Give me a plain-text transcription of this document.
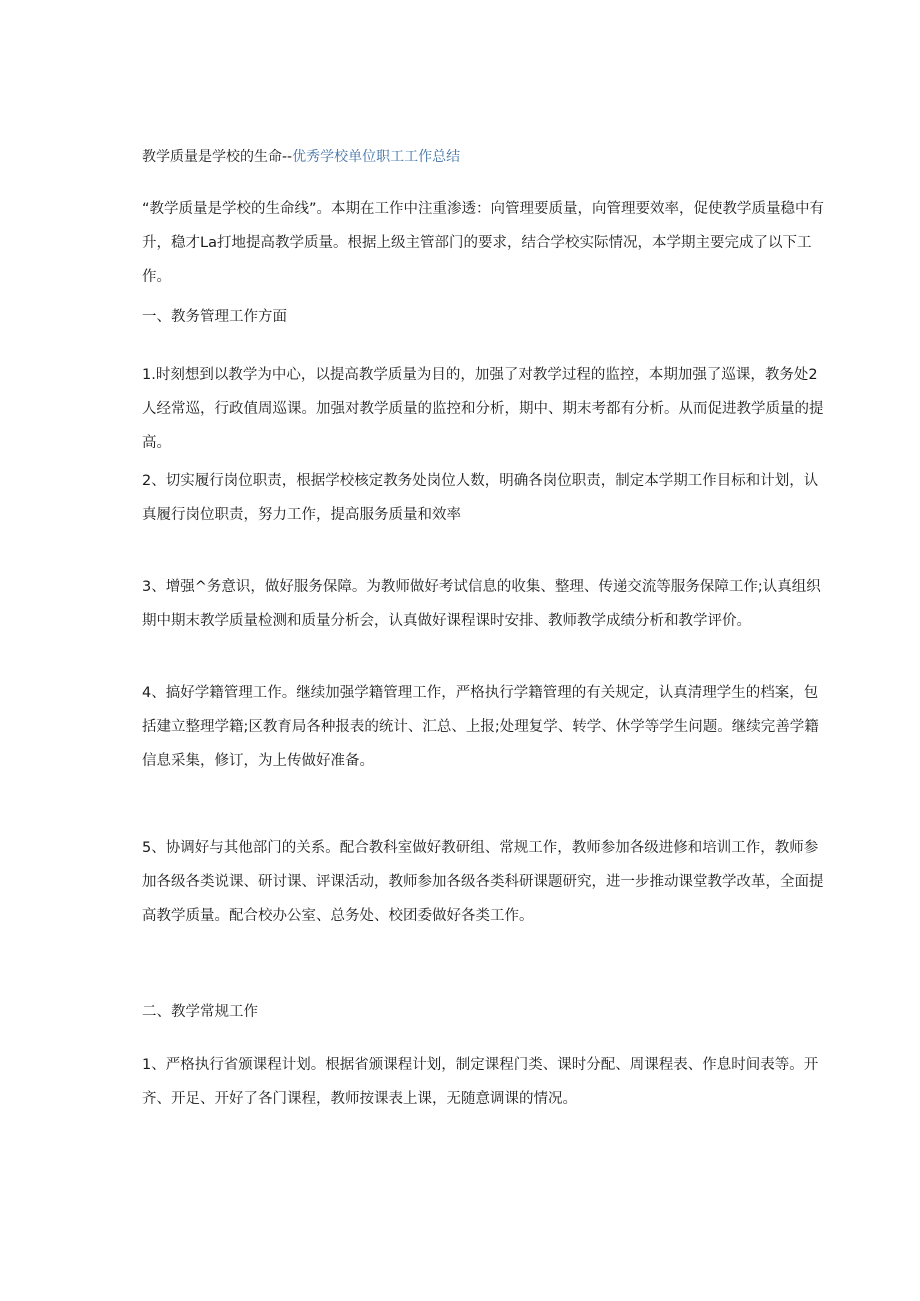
教学质量是学校的生命--优秀学校单位职工工作总结
“教学质量是学校的生命线”。本期在工作中注重渗透：向管理要质量，向管理要效率，促使教学质量稳中有升，稳才La打地提高教学质量。根据上级主管部门的要求，结合学校实际情况，本学期主要完成了以下工作。
一、教务管理工作方面
1.时刻想到以教学为中心，以提高教学质量为目的，加强了对教学过程的监控，本期加强了巡课，教务处2人经常巡，行政值周巡课。加强对教学质量的监控和分析，期中、期末考都有分析。从而促进教学质量的提高。
2、切实履行岗位职责，根据学校核定教务处岗位人数，明确各岗位职责，制定本学期工作目标和计划，认真履行岗位职责，努力工作，提高服务质量和效率
3、增强^务意识，做好服务保障。为教师做好考试信息的收集、整理、传递交流等服务保障工作;认真组织期中期末教学质量检测和质量分析会，认真做好课程课时安排、教师教学成绩分析和教学评价。
4、搞好学籍管理工作。继续加强学籍管理工作，严格执行学籍管理的有关规定，认真清理学生的档案，包括建立整理学籍;区教育局各种报表的统计、汇总、上报;处理复学、转学、休学等学生问题。继续完善学籍信息采集，修订，为上传做好准备。
5、协调好与其他部门的关系。配合教科室做好教研组、常规工作，教师参加各级进修和培训工作，教师参加各级各类说课、研讨课、评课活动，教师参加各级各类科研课题研究，进一步推动课堂教学改革，全面提高教学质量。配合校办公室、总务处、校团委做好各类工作。
二、教学常规工作
1、严格执行省颁课程计划。根据省颁课程计划，制定课程门类、课时分配、周课程表、作息时间表等。开齐、开足、开好了各门课程，教师按课表上课，无随意调课的情况。
